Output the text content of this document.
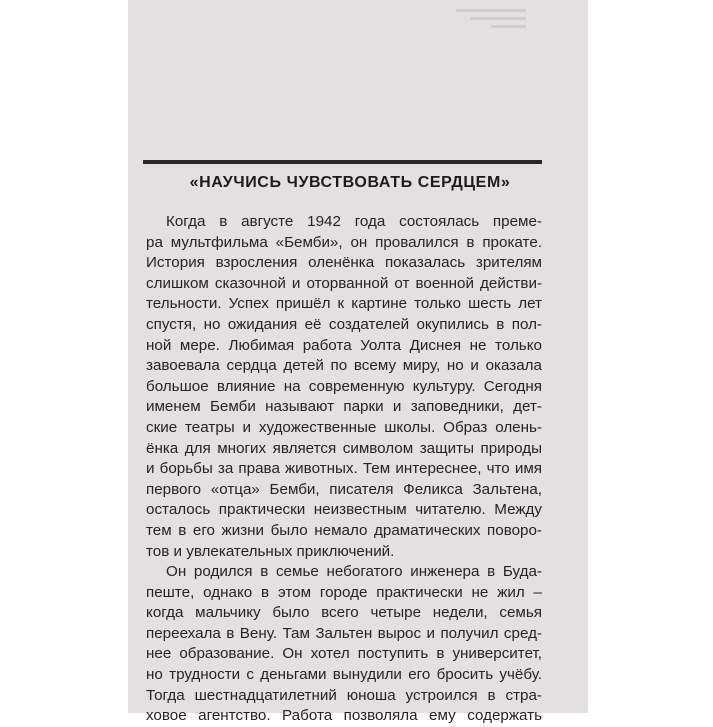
«НАУЧИСЬ ЧУВСТВОВАТЬ СЕРДЦЕМ»
Когда в августе 1942 года состоялась преме-
ра мультфильма «Бемби», он провалился в прокате.
История взросления оленёнка показалась зрителям
слишком сказочной и оторванной от военной действи-
тельности. Успех пришёл к картине только шесть лет
спустя, но ожидания её создателей окупились в пол-
ной мере. Любимая работа Уолта Диснея не только
завоевала сердца детей по всему миру, но и оказала
большое влияние на современную культуру. Сегодня
именем Бемби называют парки и заповедники, дет-
ские театры и художественные школы. Образ олень-
ёнка для многих является символом защиты природы
и борьбы за права животных. Тем интереснее, что имя
первого «отца» Бемби, писателя Феликса Зальтена,
осталось практически неизвестным читателю. Между
тем в его жизни было немало драматических поворо-
тов и увлекательных приключений.
Он родился в семье небогатого инженера в Буда-
пеште, однако в этом городе практически не жил –
когда мальчику было всего четыре недели, семья
переехала в Вену. Там Зальтен вырос и получил сред-
нее образование. Он хотел поступить в университет,
но трудности с деньгами вынудили его бросить учёбу.
Тогда шестнадцатилетний юноша устроился в стра-
ховое агентство. Работа позволяла ему содержать
